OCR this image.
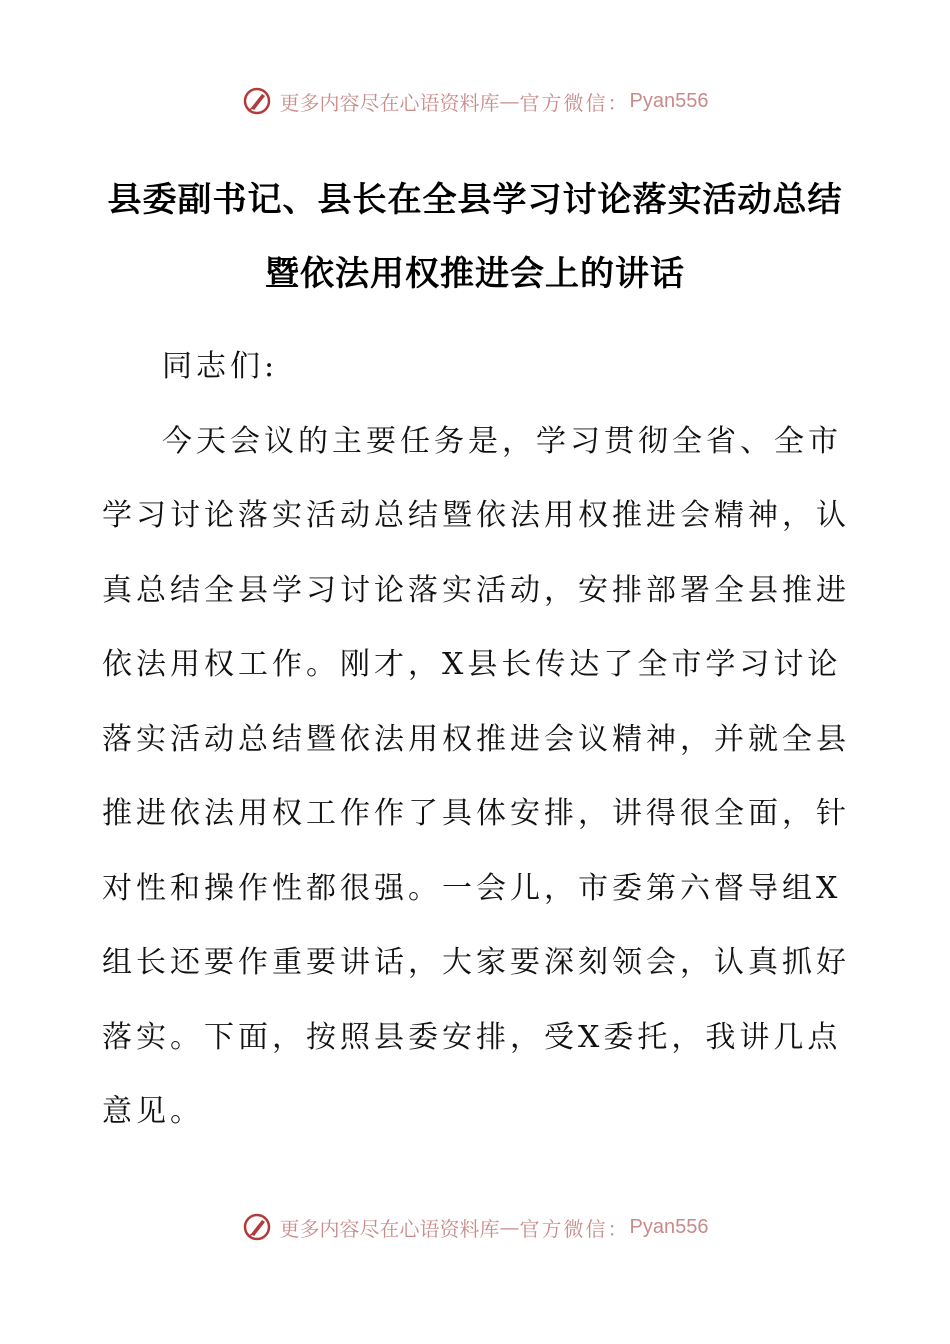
更多内容尽在心语资料库 — 官方微信： Pyan556
县委副书记、县长在全县学习讨论落实活动总结
暨依法用权推进会上的讲话

同志们:

今天会议的主要任务是，学习贯彻全省、全市学习讨论落实活动总结暨依法用权推进会精神，认真总结全县学习讨论落实活动，安排部署全县推进依法用权工作。刚才，X县长传达了全市学习讨论落实活动总结暨依法用权推进会议精神，并就全县推进依法用权工作作了具体安排，讲得很全面，针对性和操作性都很强。一会儿，市委第六督导组X组长还要作重要讲话，大家要深刻领会，认真抓好落实。下面，按照县委安排，受X委托，我讲几点意见。

更多内容尽在心语资料库 — 官方微信： Pyan556
